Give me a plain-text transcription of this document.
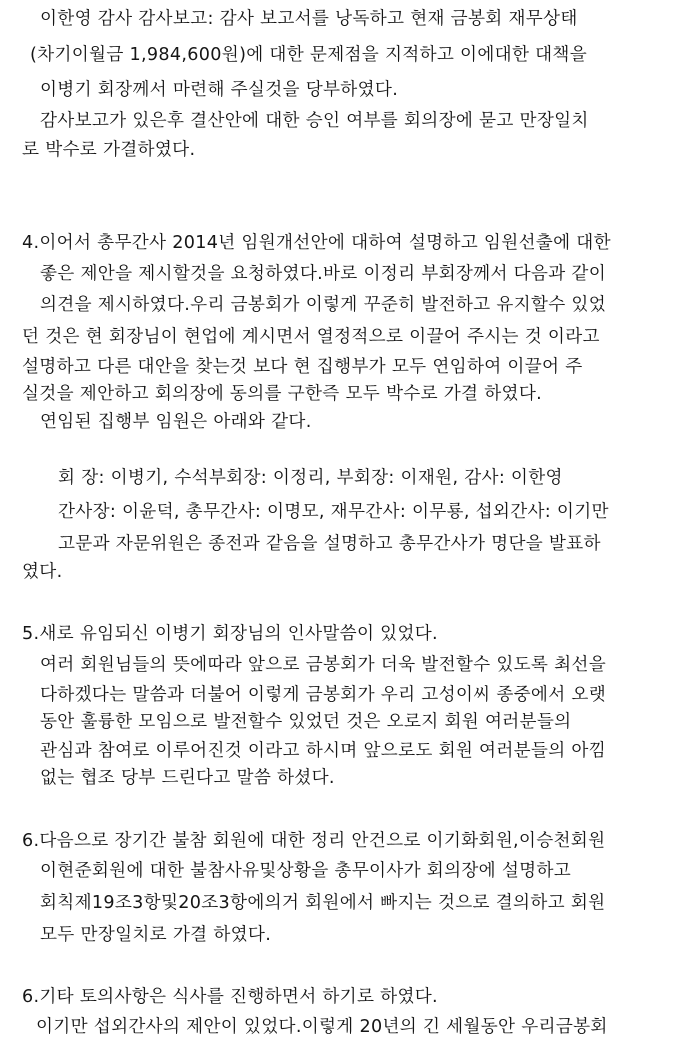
이한영 감사 감사보고: 감사 보고서를 낭독하고 현재 금봉회 재무상태
(차기이월금 1,984,600원)에 대한 문제점을 지적하고 이에대한 대책을
이병기 회장께서 마련해 주실것을 당부하였다.
감사보고가 있은후 결산안에 대한 승인 여부를 회의장에 묻고 만장일치
로 박수로 가결하였다.
4.이어서 총무간사 2014년 임원개선안에 대하여 설명하고 임원선출에 대한
좋은 제안을 제시할것을 요청하였다.바로 이정리 부회장께서 다음과 같이
의견을 제시하였다.우리 금봉회가 이렇게 꾸준히 발전하고 유지할수 있었
던 것은 현 회장님이 현업에 계시면서 열정적으로 이끌어 주시는 것 이라고
설명하고 다른 대안을 찾는것 보다 현 집행부가 모두 연임하여 이끌어 주
실것을 제안하고 회의장에 동의를 구한즉 모두 박수로 가결 하였다.
연임된 집행부 임원은 아래와 같다.
회 장: 이병기, 수석부회장: 이정리, 부회장: 이재원, 감사: 이한영
간사장: 이윤덕, 총무간사: 이명모, 재무간사: 이무룡, 섭외간사: 이기만
고문과 자문위원은 종전과 같음을 설명하고 총무간사가 명단을 발표하
였다.
5.새로 유임되신 이병기 회장님의 인사말씀이 있었다.
여러 회원님들의 뜻에따라 앞으로 금봉회가 더욱 발전할수 있도록 최선을
다하겠다는 말씀과 더불어 이렇게 금봉회가 우리 고성이씨 종중에서 오랫
동안 훌륭한 모임으로 발전할수 있었던 것은 오로지 회원 여러분들의
관심과 참여로 이루어진것 이라고 하시며 앞으로도 회원 여러분들의 아낌
없는 협조 당부 드린다고 말씀 하셨다.
6.다음으로 장기간 불참 회원에 대한 정리 안건으로 이기화회원,이승천회원
이현준회원에 대한 불참사유및상황을 총무이사가 회의장에 설명하고
회칙제19조3항및20조3항에의거 회원에서 빠지는 것으로 결의하고 회원
모두 만장일치로 가결 하였다.
6.기타 토의사항은 식사를 진행하면서 하기로 하였다.
이기만 섭외간사의 제안이 있었다.이렇게 20년의 긴 세월동안 우리금봉회
